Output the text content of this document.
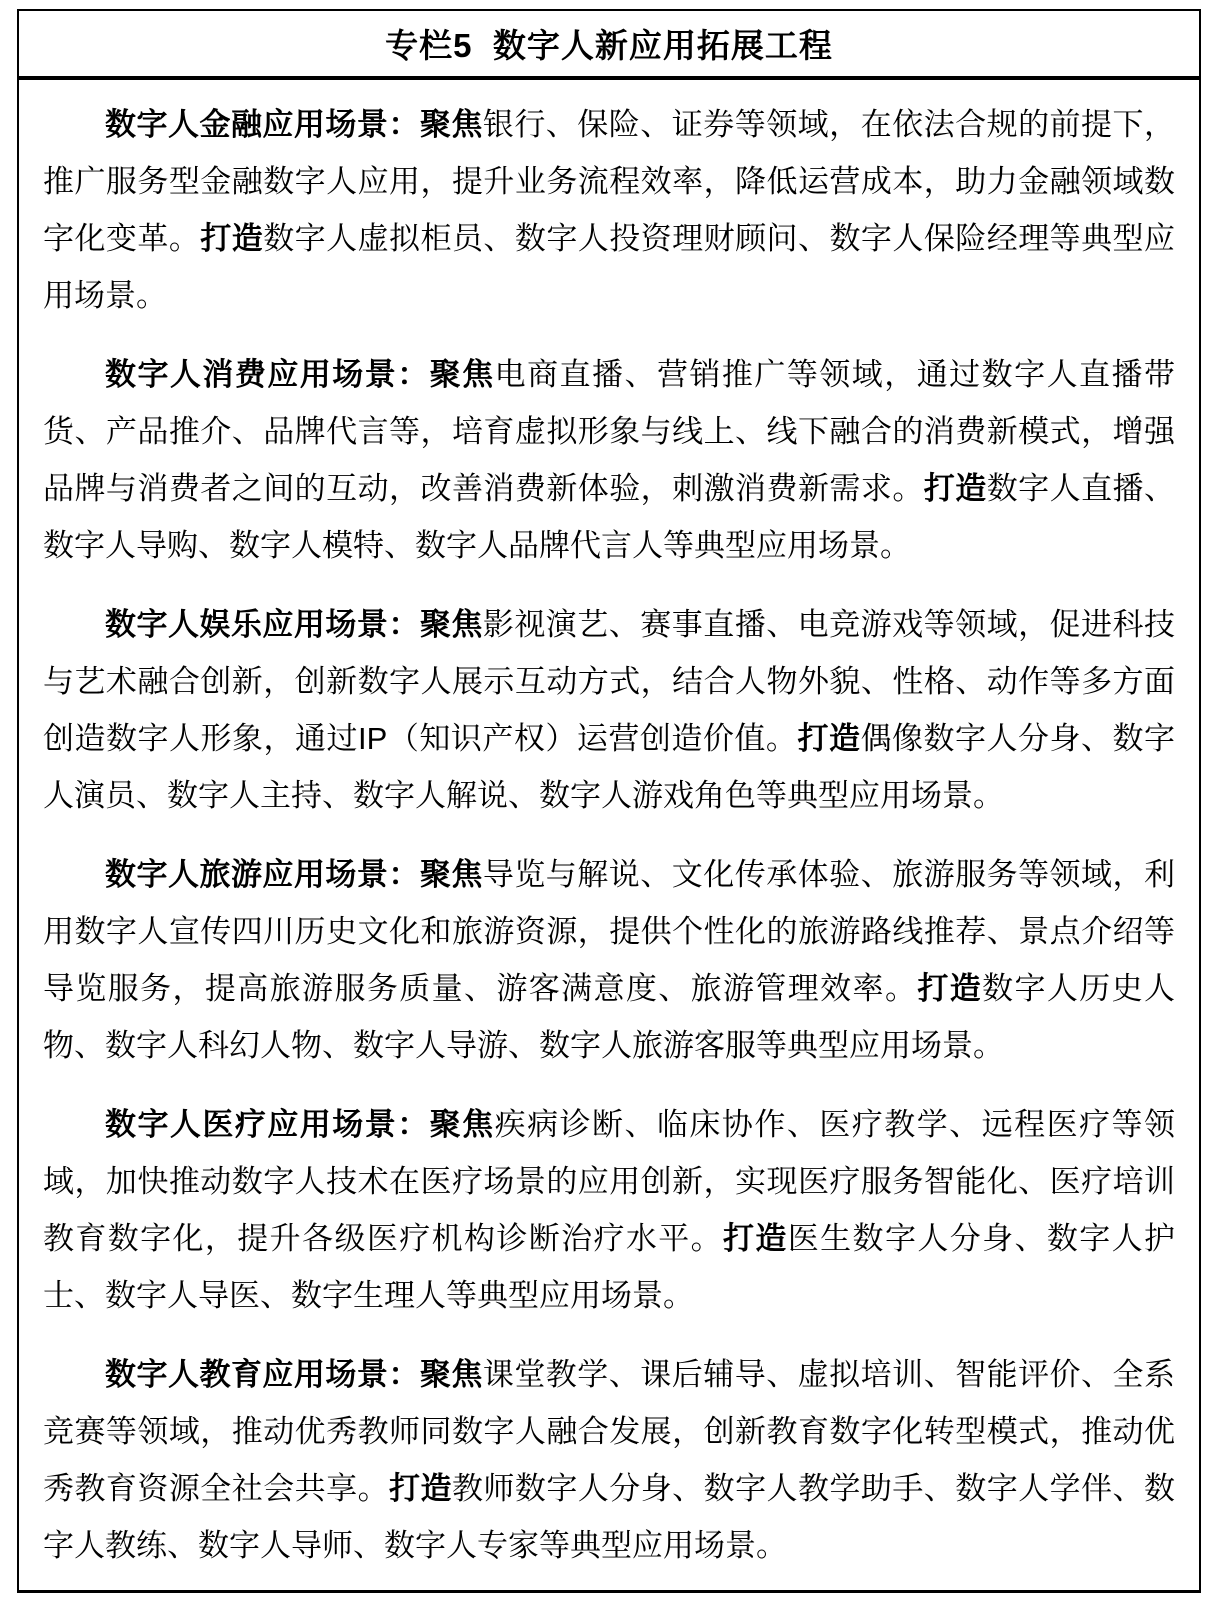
专栏5  数字人新应用拓展工程

数字人金融应用场景：聚焦银行、保险、证券等领域，在依法合规的前提下，推广服务型金融数字人应用，提升业务流程效率，降低运营成本，助力金融领域数字化变革。打造数字人虚拟柜员、数字人投资理财顾问、数字人保险经理等典型应用场景。

数字人消费应用场景：聚焦电商直播、营销推广等领域，通过数字人直播带货、产品推介、品牌代言等，培育虚拟形象与线上、线下融合的消费新模式，增强品牌与消费者之间的互动，改善消费新体验，刺激消费新需求。打造数字人直播、数字人导购、数字人模特、数字人品牌代言人等典型应用场景。

数字人娱乐应用场景：聚焦影视演艺、赛事直播、电竞游戏等领域，促进科技与艺术融合创新，创新数字人展示互动方式，结合人物外貌、性格、动作等多方面创造数字人形象，通过IP（知识产权）运营创造价值。打造偶像数字人分身、数字人演员、数字人主持、数字人解说、数字人游戏角色等典型应用场景。

数字人旅游应用场景：聚焦导览与解说、文化传承体验、旅游服务等领域，利用数字人宣传四川历史文化和旅游资源，提供个性化的旅游路线推荐、景点介绍等导览服务，提高旅游服务质量、游客满意度、旅游管理效率。打造数字人历史人物、数字人科幻人物、数字人导游、数字人旅游客服等典型应用场景。

数字人医疗应用场景：聚焦疾病诊断、临床协作、医疗教学、远程医疗等领域，加快推动数字人技术在医疗场景的应用创新，实现医疗服务智能化、医疗培训教育数字化，提升各级医疗机构诊断治疗水平。打造医生数字人分身、数字人护士、数字人导医、数字生理人等典型应用场景。

数字人教育应用场景：聚焦课堂教学、课后辅导、虚拟培训、智能评价、全系竞赛等领域，推动优秀教师同数字人融合发展，创新教育数字化转型模式，推动优秀教育资源全社会共享。打造教师数字人分身、数字人教学助手、数字人学伴、数字人教练、数字人导师、数字人专家等典型应用场景。
